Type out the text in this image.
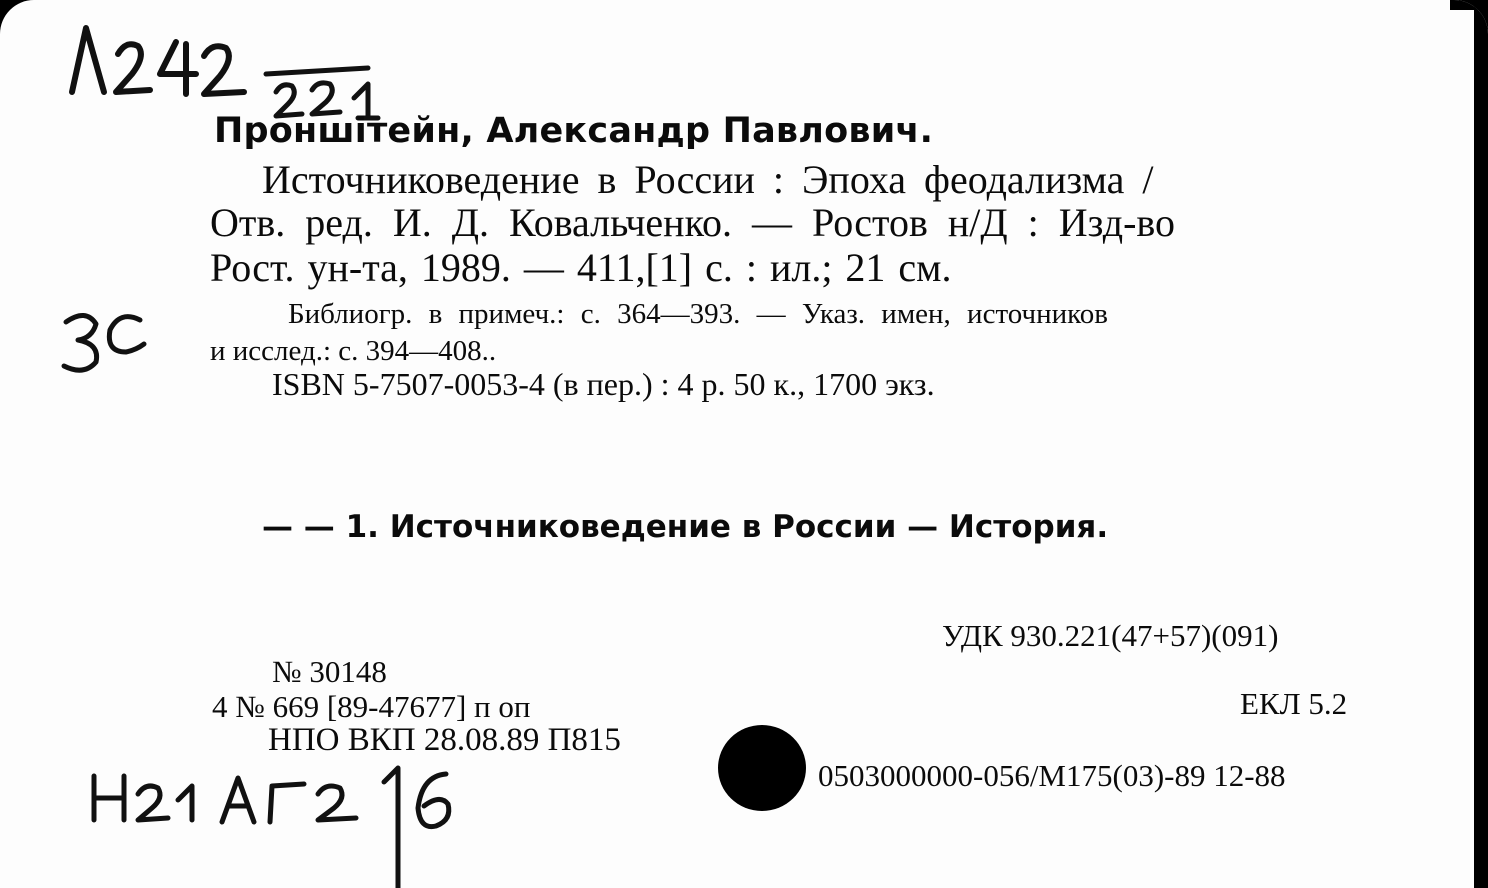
Проншітейн, Александр Павлович.
Источниковедение в России : Эпоха феодализма /
Отв. ред. И. Д. Ковальченко. — Ростов н/Д : Изд-во
Рост. ун-та, 1989. — 411,[1] с. : ил.; 21 см.
Библиогр. в примеч.: с. 364—393. — Указ. имен, источников
и исслед.: с. 394—408..
ISBN 5-7507-0053-4 (в пер.) : 4 р. 50 к., 1700 экз.
— — 1. Источниковедение в России — История.
УДК 930.221(47+57)(091)
№ 30148
4 № 669 [89-47677] п оп	ЕКЛ 5.2
НПО ВКП 28.08.89 П815
0503000000-056/М175(03)-89 12-88
